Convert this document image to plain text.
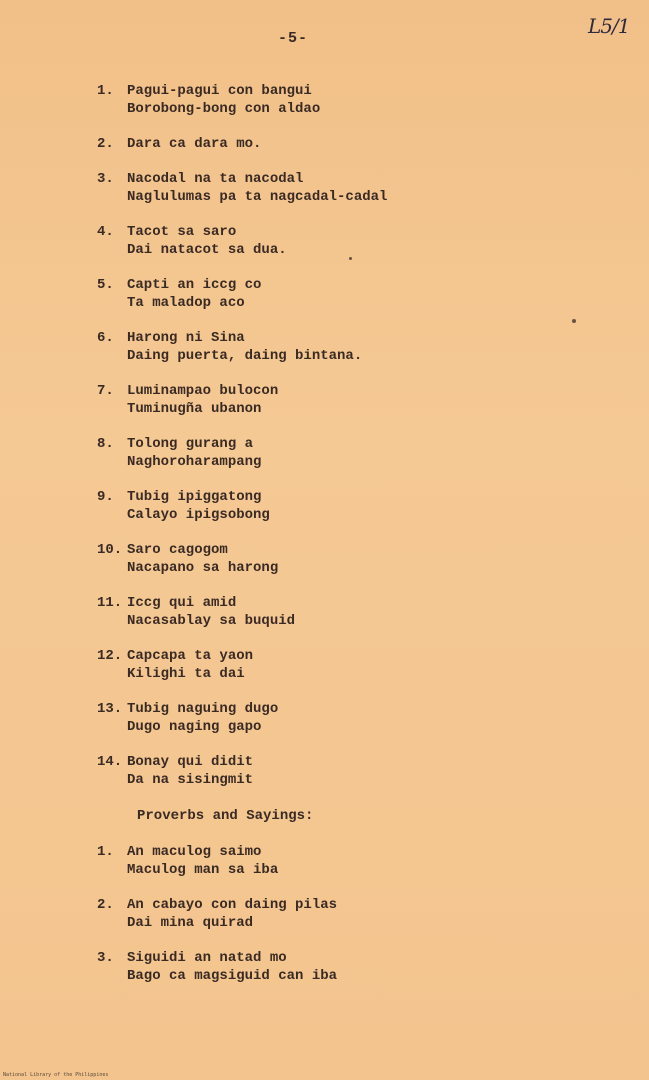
-5-
L5/1
1. Pagui-pagui con bangui
Borobong-bong con aldao
2. Dara ca dara mo.
3. Nacodal na ta nacodal
Naglulumas pa ta nagcadal-cadal
4. Tacot sa saro
Dai natacot sa dua.
5. Capti an iccg co
Ta maladop aco
6. Harong ni Sina
Daing puerta, daing bintana.
7. Luminampao bulocon
Tuminugña ubanon
8. Tolong gurang a
Naghoroharampang
9. Tubig ipiggatong
Calayo ipigsobong
10. Saro cagogom
Nacapano sa harong
11. Iccg qui amid
Nacasablay sa buquid
12. Capcapa ta yaon
Kilighi ta dai
13. Tubig naguing dugo
Dugo naging gapo
14. Bonay qui didit
Da na sisingmit
Proverbs and Sayings:
1. An maculog saimo
Maculog man sa iba
2. An cabayo con daing pilas
Dai mina quirad
3. Siguidi an natad mo
Bago ca magsiguid can iba
National Library of the Philippines
